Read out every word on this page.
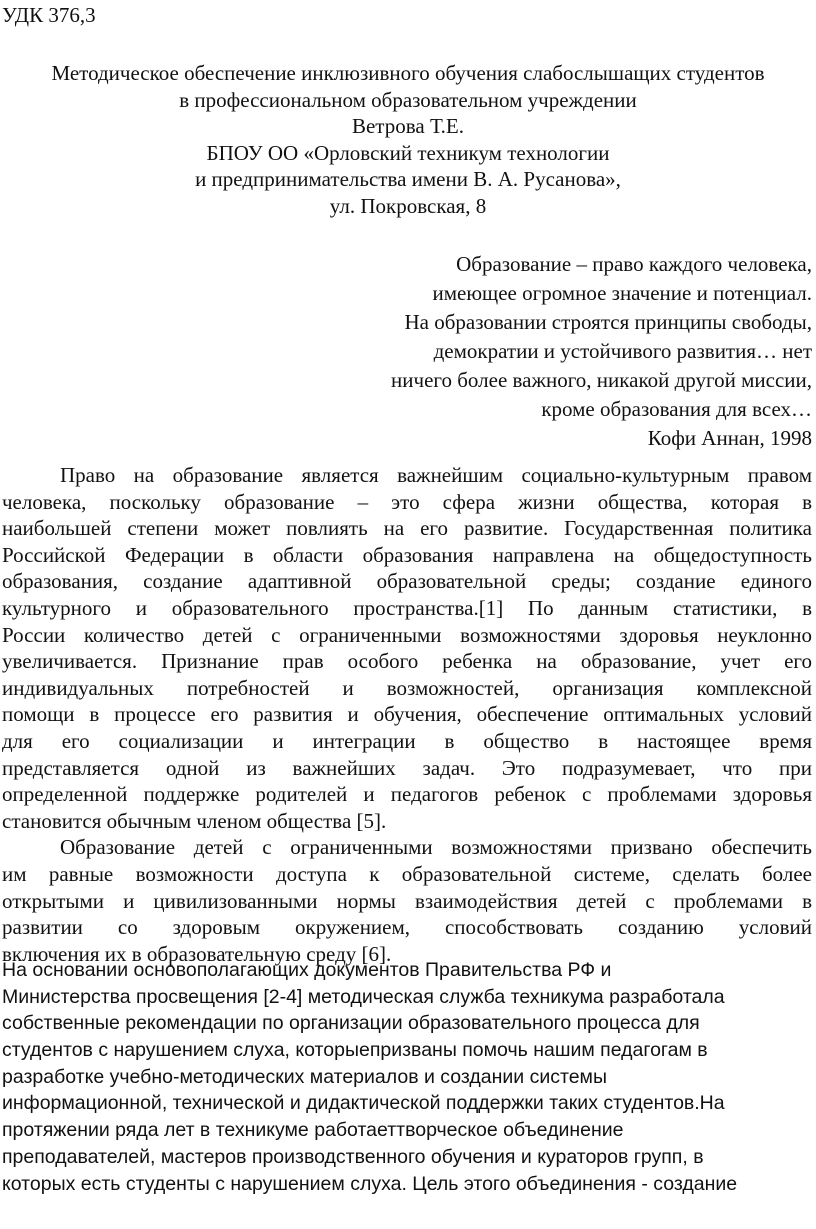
УДК 376,3
Методическое обеспечение инклюзивного обучения слабослышащих студентов
в профессиональном образовательном учреждении
Ветрова Т.Е.
БПОУ ОО «Орловский техникум технологии
и предпринимательства имени В. А. Русанова»,
ул. Покровская, 8
Образование – право каждого человека,
имеющее огромное значение и потенциал.
На образовании строятся принципы свободы,
демократии и устойчивого развития… нет
ничего более важного, никакой другой миссии,
кроме образования для всех…
Кофи Аннан, 1998
Право на образование является важнейшим социально-культурным правом
человека, поскольку образование – это сфера жизни общества, которая в
наибольшей степени может повлиять на его развитие. Государственная политика
Российской Федерации в области образования направлена на общедоступность
образования, создание адаптивной образовательной среды; создание единого
культурного и образовательного пространства.[1] По данным статистики, в
России количество детей с ограниченными возможностями здоровья неуклонно
увеличивается. Признание прав особого ребенка на образование, учет его
индивидуальных потребностей и возможностей, организация комплексной
помощи в процессе его развития и обучения, обеспечение оптимальных условий
для его социализации и интеграции в общество в настоящее время
представляется одной из важнейших задач. Это подразумевает, что при
определенной поддержке родителей и педагогов ребенок с проблемами здоровья
становится обычным членом общества [5].
Образование детей с ограниченными возможностями призвано обеспечить
им равные возможности доступа к образовательной системе, сделать более
открытыми и цивилизованными нормы взаимодействия детей с проблемами в
развитии со здоровым окружением, способствовать созданию условий
включения их в образовательную среду [6].
На основании основополагающих документов Правительства РФ и
Министерства просвещения [2-4] методическая служба техникума разработала
собственные рекомендации по организации образовательного процесса для
студентов с нарушением слуха, которыепризваны помочь нашим педагогам в
разработке учебно-методических материалов и создании системы
информационной, технической и дидактической поддержки таких студентов.На
протяжении ряда лет в техникуме работаеттворческое объединение
преподавателей, мастеров производственного обучения и кураторов групп, в
которых есть студенты с нарушением слуха. Цель этого объединения - создание
